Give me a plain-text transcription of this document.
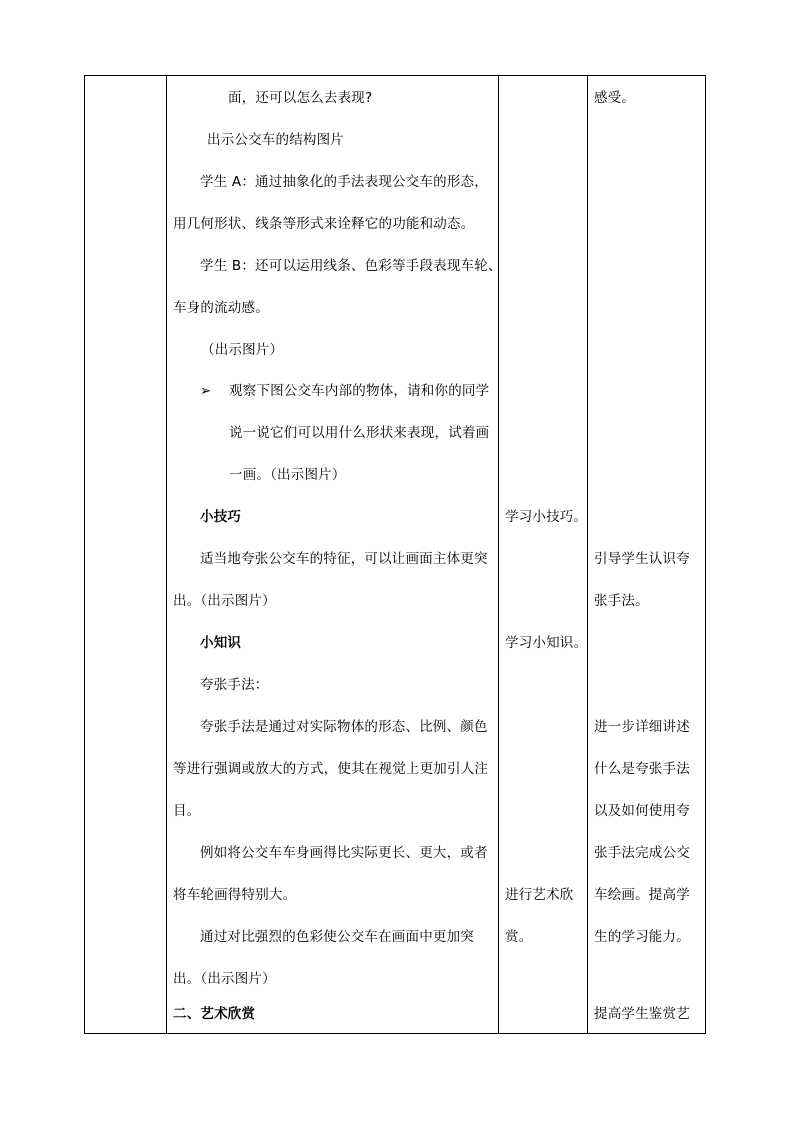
面，还可以怎么去表现?
出示公交车的结构图片
学生 A：通过抽象化的手法表现公交车的形态，
用几何形状、线条等形式来诠释它的功能和动态。
学生 B：还可以运用线条、色彩等手段表现车轮、
车身的流动感。
（出示图片）
➢ 观察下图公交车内部的物体，请和你的同学
说一说它们可以用什么形状来表现，试着画
一画。（出示图片）
小技巧
适当地夸张公交车的特征，可以让画面主体更突
出。（出示图片）
小知识
夸张手法：
夸张手法是通过对实际物体的形态、比例、颜色
等进行强调或放大的方式，使其在视觉上更加引人注
目。
例如将公交车车身画得比实际更长、更大，或者
将车轮画得特别大。
通过对比强烈的色彩使公交车在画面中更加突
出。（出示图片）
二、艺术欣赏
学习小技巧。
学习小知识。
进行艺术欣
赏。
感受。
引导学生认识夸
张手法。
进一步详细讲述
什么是夸张手法
以及如何使用夸
张手法完成公交
车绘画。提高学
生的学习能力。
提高学生鉴赏艺
